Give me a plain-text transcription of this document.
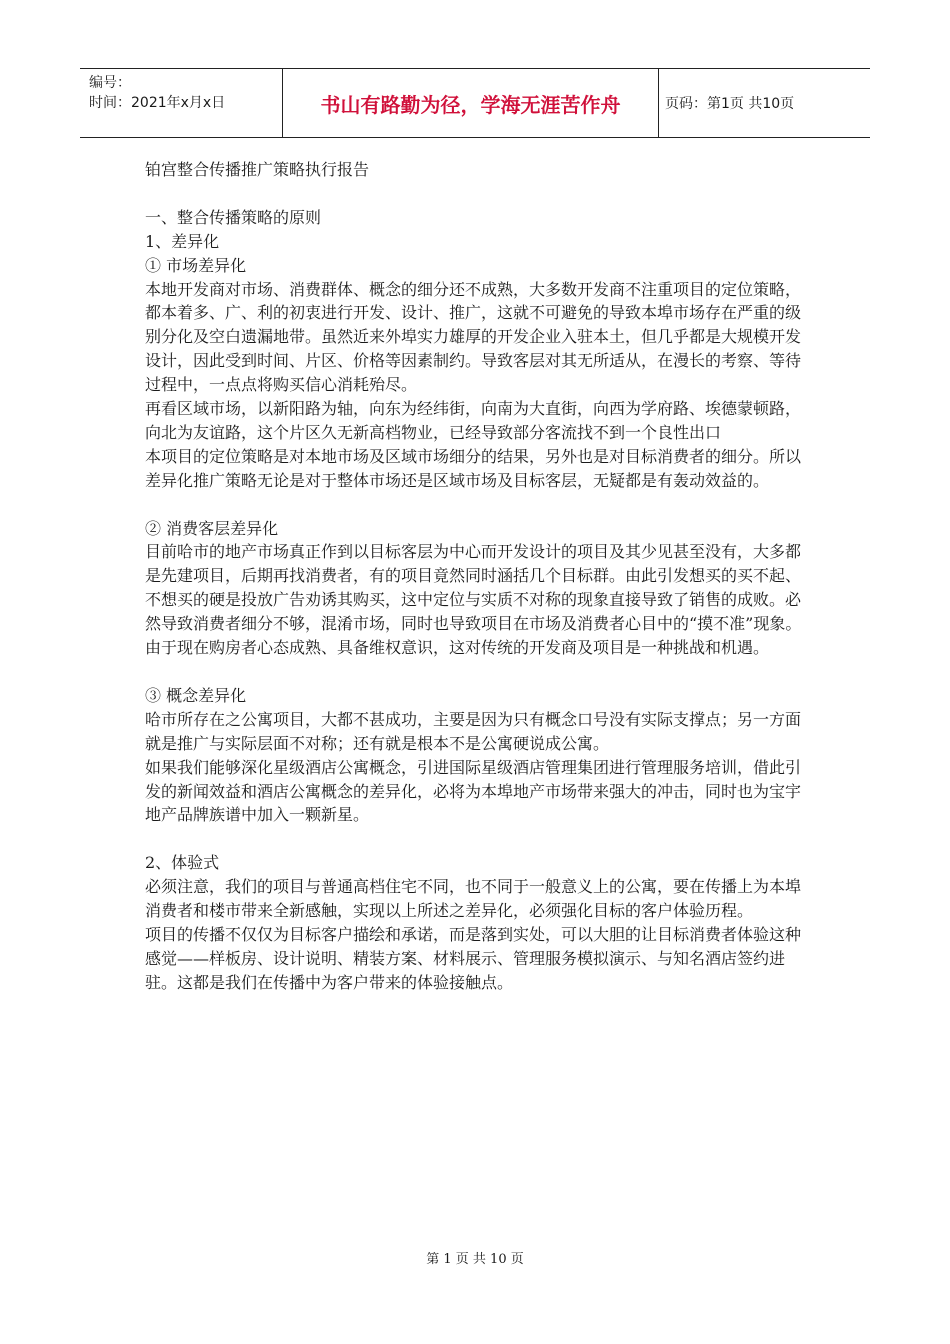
编号：
时间：2021年x月x日	书山有路勤为径，学海无涯苦作舟	页码：第1页 共10页

铂宫整合传播推广策略执行报告

一、整合传播策略的原则

1、差异化

① 市场差异化

本地开发商对市场、消费群体、概念的细分还不成熟，大多数开发商不注重项目的定位策略，都本着多、广、利的初衷进行开发、设计、推广，这就不可避免的导致本埠市场存在严重的级别分化及空白遗漏地带。虽然近来外埠实力雄厚的开发企业入驻本土，但几乎都是大规模开发设计，因此受到时间、片区、价格等因素制约。导致客层对其无所适从，在漫长的考察、等待过程中，一点点将购买信心消耗殆尽。

再看区域市场，以新阳路为轴，向东为经纬街，向南为大直街，向西为学府路、埃德蒙顿路，向北为友谊路，这个片区久无新高档物业，已经导致部分客流找不到一个良性出口

本项目的定位策略是对本地市场及区域市场细分的结果，另外也是对目标消费者的细分。所以差异化推广策略无论是对于整体市场还是区域市场及目标客层，无疑都是有轰动效益的。

② 消费客层差异化

目前哈市的地产市场真正作到以目标客层为中心而开发设计的项目及其少见甚至没有，大多都是先建项目，后期再找消费者，有的项目竟然同时涵括几个目标群。由此引发想买的买不起、不想买的硬是投放广告劝诱其购买，这中定位与实质不对称的现象直接导致了销售的成败。必然导致消费者细分不够，混淆市场，同时也导致项目在市场及消费者心目中的“摸不准”现象。

由于现在购房者心态成熟、具备维权意识，这对传统的开发商及项目是一种挑战和机遇。

③ 概念差异化

哈市所存在之公寓项目，大都不甚成功，主要是因为只有概念口号没有实际支撑点；另一方面就是推广与实际层面不对称；还有就是根本不是公寓硬说成公寓。

如果我们能够深化星级酒店公寓概念，引进国际星级酒店管理集团进行管理服务培训，借此引发的新闻效益和酒店公寓概念的差异化，必将为本埠地产市场带来强大的冲击，同时也为宝宇地产品牌族谱中加入一颗新星。

2、体验式

必须注意，我们的项目与普通高档住宅不同，也不同于一般意义上的公寓，要在传播上为本埠消费者和楼市带来全新感触，实现以上所述之差异化，必须强化目标的客户体验历程。

项目的传播不仅仅为目标客户描绘和承诺，而是落到实处，可以大胆的让目标消费者体验这种感觉——样板房、设计说明、精装方案、材料展示、管理服务模拟演示、与知名酒店签约进驻。这都是我们在传播中为客户带来的体验接触点。

第 1 页 共 10 页
